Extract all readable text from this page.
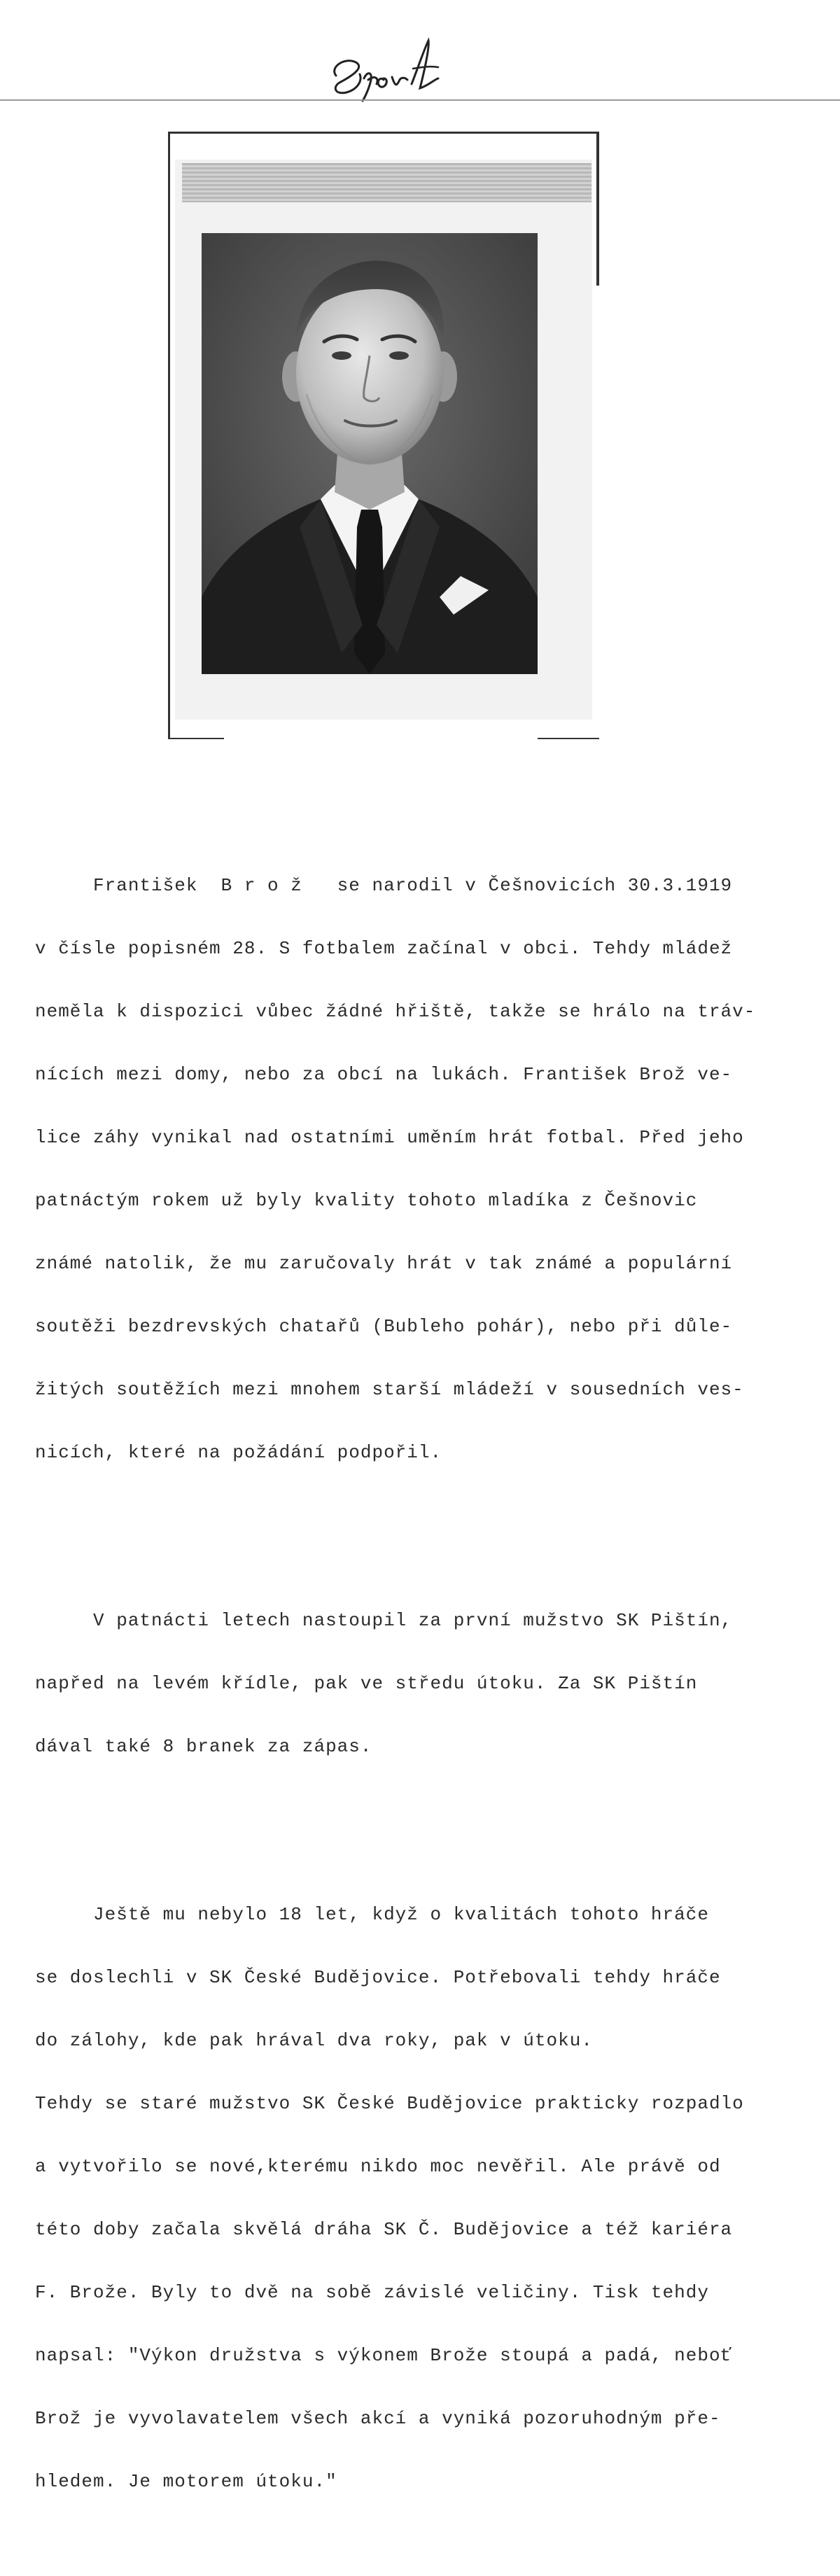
František  B r o ž   se narodil v Češnovicích 30.3.1919

v čísle popisném 28. S fotbalem začínal v obci. Tehdy mládež

neměla k dispozici vůbec žádné hřiště, takže se hrálo na tráv-

nících mezi domy, nebo za obcí na lukách. František Brož ve-

lice záhy vynikal nad ostatními uměním hrát fotbal. Před jeho

patnáctým rokem už byly kvality tohoto mladíka z Češnovic

známé natolik, že mu zaručovaly hrát v tak známé a populární

soutěži bezdrevských chatařů (Bubleho pohár), nebo při důle-

žitých soutěžích mezi mnohem starší mládeží v sousedních ves-

nicích, které na požádání podpořil.

V patnácti letech nastoupil za první mužstvo SK Pištín,

napřed na levém křídle, pak ve středu útoku. Za SK Pištín

dával také 8 branek za zápas.

Ještě mu nebylo 18 let, když o kvalitách tohoto hráče

se doslechli v SK České Budějovice. Potřebovali tehdy hráče

do zálohy, kde pak hrával dva roky, pak v útoku.

Tehdy se staré mužstvo SK České Budějovice prakticky rozpadlo

a vytvořilo se nové,kterému nikdo moc nevěřil. Ale právě od

této doby začala skvělá dráha SK Č. Budějovice a též kariéra

F. Brože. Byly to dvě na sobě závislé veličiny. Tisk tehdy

napsal: "Výkon družstva s výkonem Brože stoupá a padá, neboť

Brož je vyvolavatelem všech akcí a vyniká pozoruhodným pře-

hledem. Je motorem útoku."
